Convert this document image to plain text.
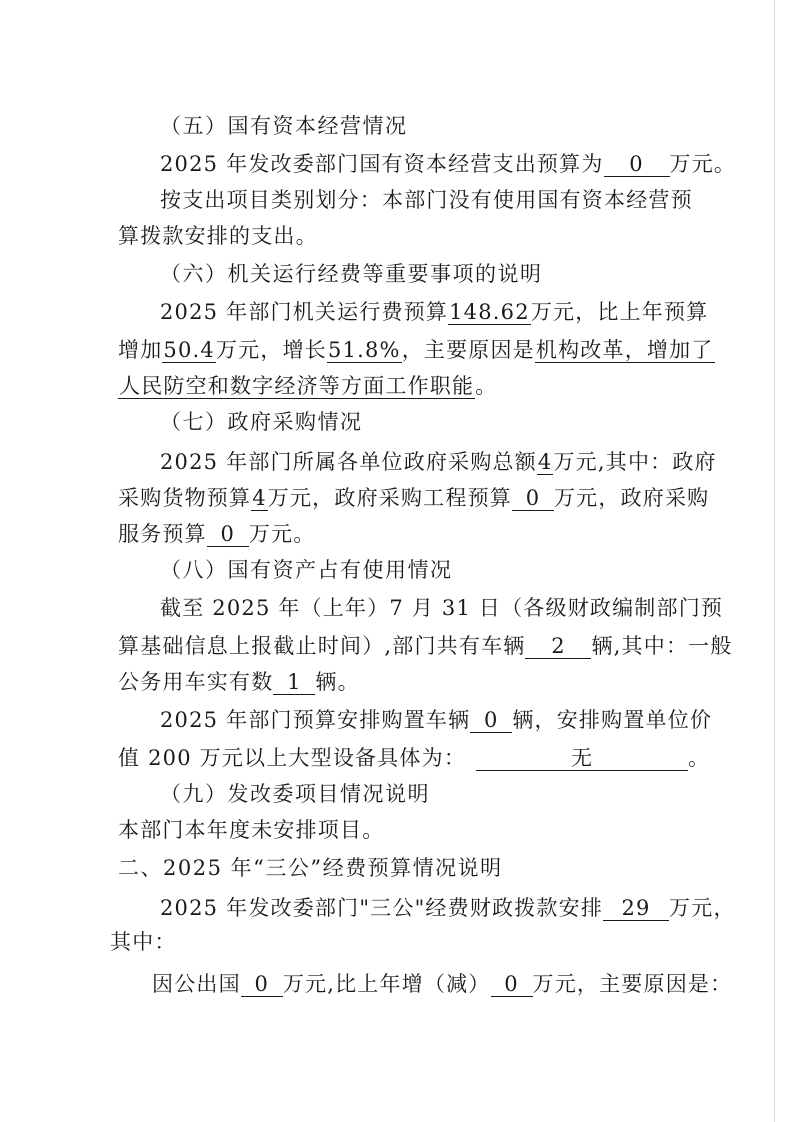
（五）国有资本经营情况
2025 年发改委部门国有资本经营支出预算为 0 万元。
按支出项目类别划分：本部门没有使用国有资本经营预
算拨款安排的支出。
（六）机关运行经费等重要事项的说明
2025 年部门机关运行费预算148.62万元，比上年预算
增加50.4万元，增长51.8%，主要原因是机构改革，增加了
人民防空和数字经济等方面工作职能。
（七）政府采购情况
2025 年部门所属各单位政府采购总额4万元,其中：政府
采购货物预算4万元，政府采购工程预算 0 万元，政府采购
服务预算 0 万元。
（八）国有资产占有使用情况
截至 2025 年（上年）7 月 31 日（各级财政编制部门预
算基础信息上报截止时间）,部门共有车辆 2 辆,其中：一般
公务用车实有数 1 辆。
2025 年部门预算安排购置车辆 0 辆，安排购置单位价
值 200 万元以上大型设备具体为：	无	。
（九）发改委项目情况说明
本部门本年度未安排项目。
二、2025 年“三公”经费预算情况说明
2025 年发改委部门"三公"经费财政拨款安排 29 万元，
其中：
因公出国 0 万元,比上年增（减） 0 万元，主要原因是：
